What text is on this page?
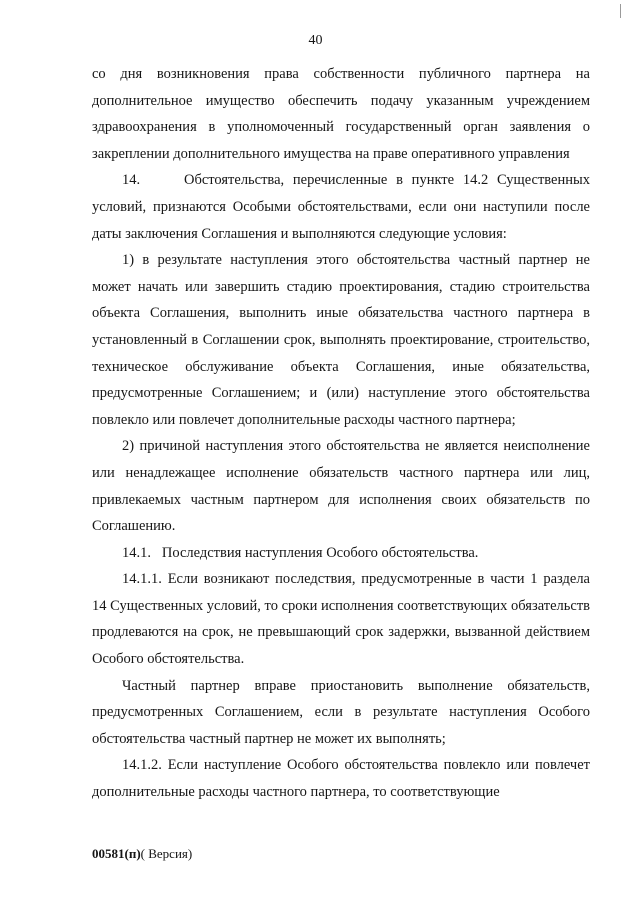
40

со дня возникновения права собственности публичного партнера на дополнительное имущество обеспечить подачу указанным учреждением здравоохранения в уполномоченный государственный орган заявления о закреплении дополнительного имущества на праве оперативного управления

14.     Обстоятельства, перечисленные в пункте 14.2 Существенных условий, признаются Особыми обстоятельствами, если они наступили после даты заключения Соглашения и выполняются следующие условия:

1) в результате наступления этого обстоятельства частный партнер не может начать или завершить стадию проектирования, стадию строительства объекта Соглашения, выполнить иные обязательства частного партнера в установленный в Соглашении срок, выполнять проектирование, строительство, техническое обслуживание объекта Соглашения, иные обязательства, предусмотренные Соглашением; и (или) наступление этого обстоятельства повлекло или повлечет дополнительные расходы частного партнера;

2) причиной наступления этого обстоятельства не является неисполнение или ненадлежащее исполнение обязательств частного партнера или лиц, привлекаемых частным партнером для исполнения своих обязательств по Соглашению.

14.1.   Последствия наступления Особого обстоятельства.

14.1.1. Если возникают последствия, предусмотренные в части 1 раздела 14 Существенных условий, то сроки исполнения соответствующих обязательств продлеваются на срок, не превышающий срок задержки, вызванной действием Особого обстоятельства.

Частный партнер вправе приостановить выполнение обязательств, предусмотренных Соглашением, если в результате наступления Особого обстоятельства частный партнер не может их выполнять;

14.1.2. Если наступление Особого обстоятельства повлекло или повлечет дополнительные расходы частного партнера, то соответствующие

00581(п)( Версия)
